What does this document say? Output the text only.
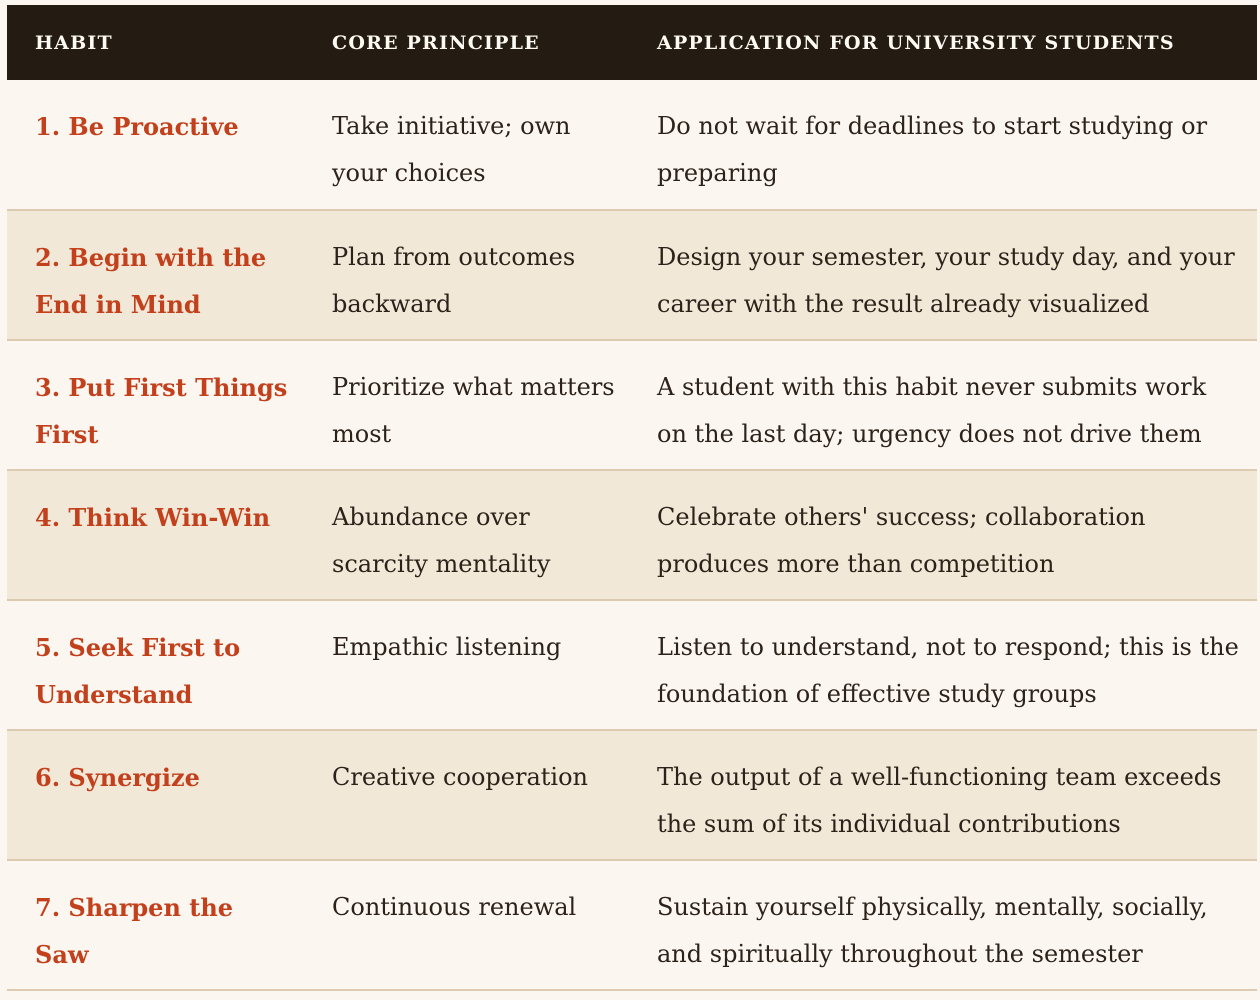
HABIT	CORE PRINCIPLE	APPLICATION FOR UNIVERSITY STUDENTS
1. Be Proactive	Take initiative; own your choices	Do not wait for deadlines to start studying or preparing
2. Begin with the End in Mind	Plan from outcomes backward	Design your semester, your study day, and your career with the result already visualized
3. Put First Things First	Prioritize what matters most	A student with this habit never submits work on the last day; urgency does not drive them
4. Think Win-Win	Abundance over scarcity mentality	Celebrate others' success; collaboration produces more than competition
5. Seek First to Understand	Empathic listening	Listen to understand, not to respond; this is the foundation of effective study groups
6. Synergize	Creative cooperation	The output of a well-functioning team exceeds the sum of its individual contributions
7. Sharpen the Saw	Continuous renewal	Sustain yourself physically, mentally, socially, and spiritually throughout the semester
